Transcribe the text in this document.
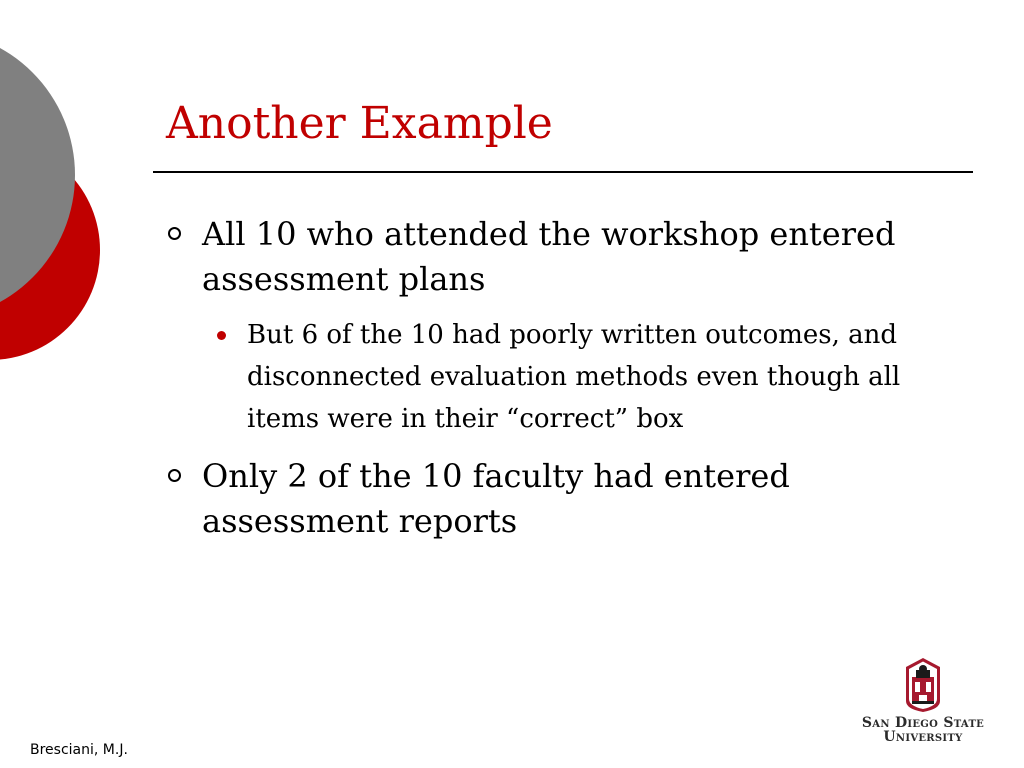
Another Example
All 10 who attended the workshop entered assessment plans
But 6 of the 10 had poorly written outcomes, and disconnected evaluation methods even though all items were in their “correct” box
Only 2 of the 10 faculty had entered assessment reports
Bresciani, M.J.
San Diego State
University
